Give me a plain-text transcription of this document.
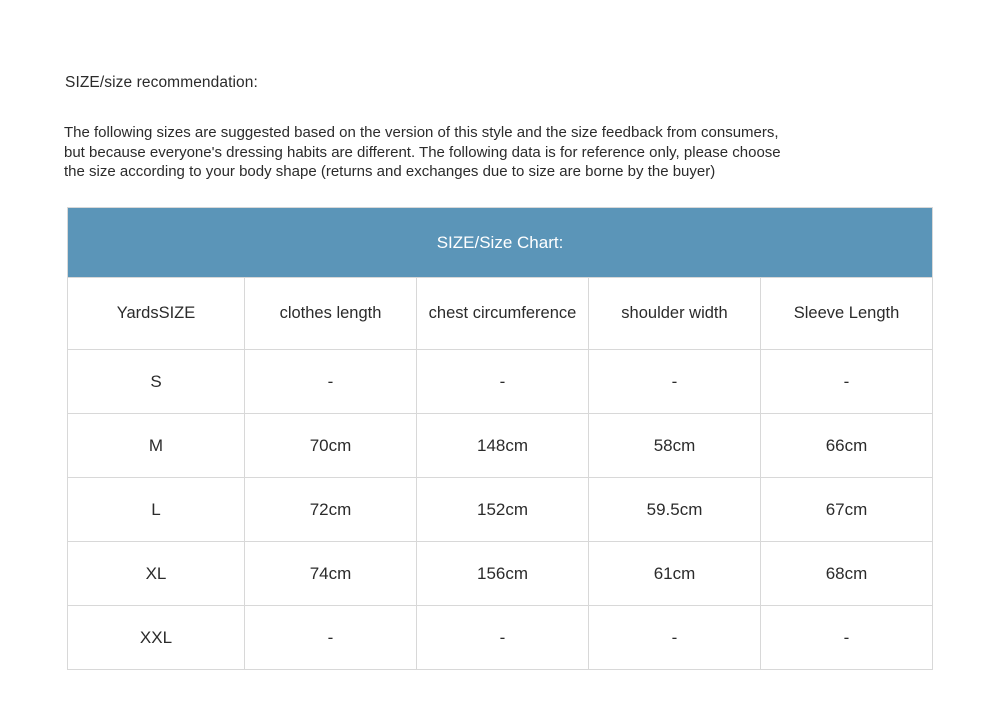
SIZE/size recommendation:

The following sizes are suggested based on the version of this style and the size feedback from consumers,

but because everyone's dressing habits are different. The following data is for reference only, please choose

the size according to your body shape (returns and exchanges due to size are borne by the buyer)

SIZE/Size Chart:				
YardsSIZE	clothes length	chest circumference	shoulder width	Sleeve Length
S	-	-	-	-
M	70cm	148cm	58cm	66cm
L	72cm	152cm	59.5cm	67cm
XL	74cm	156cm	61cm	68cm
XXL	-	-	-	-
